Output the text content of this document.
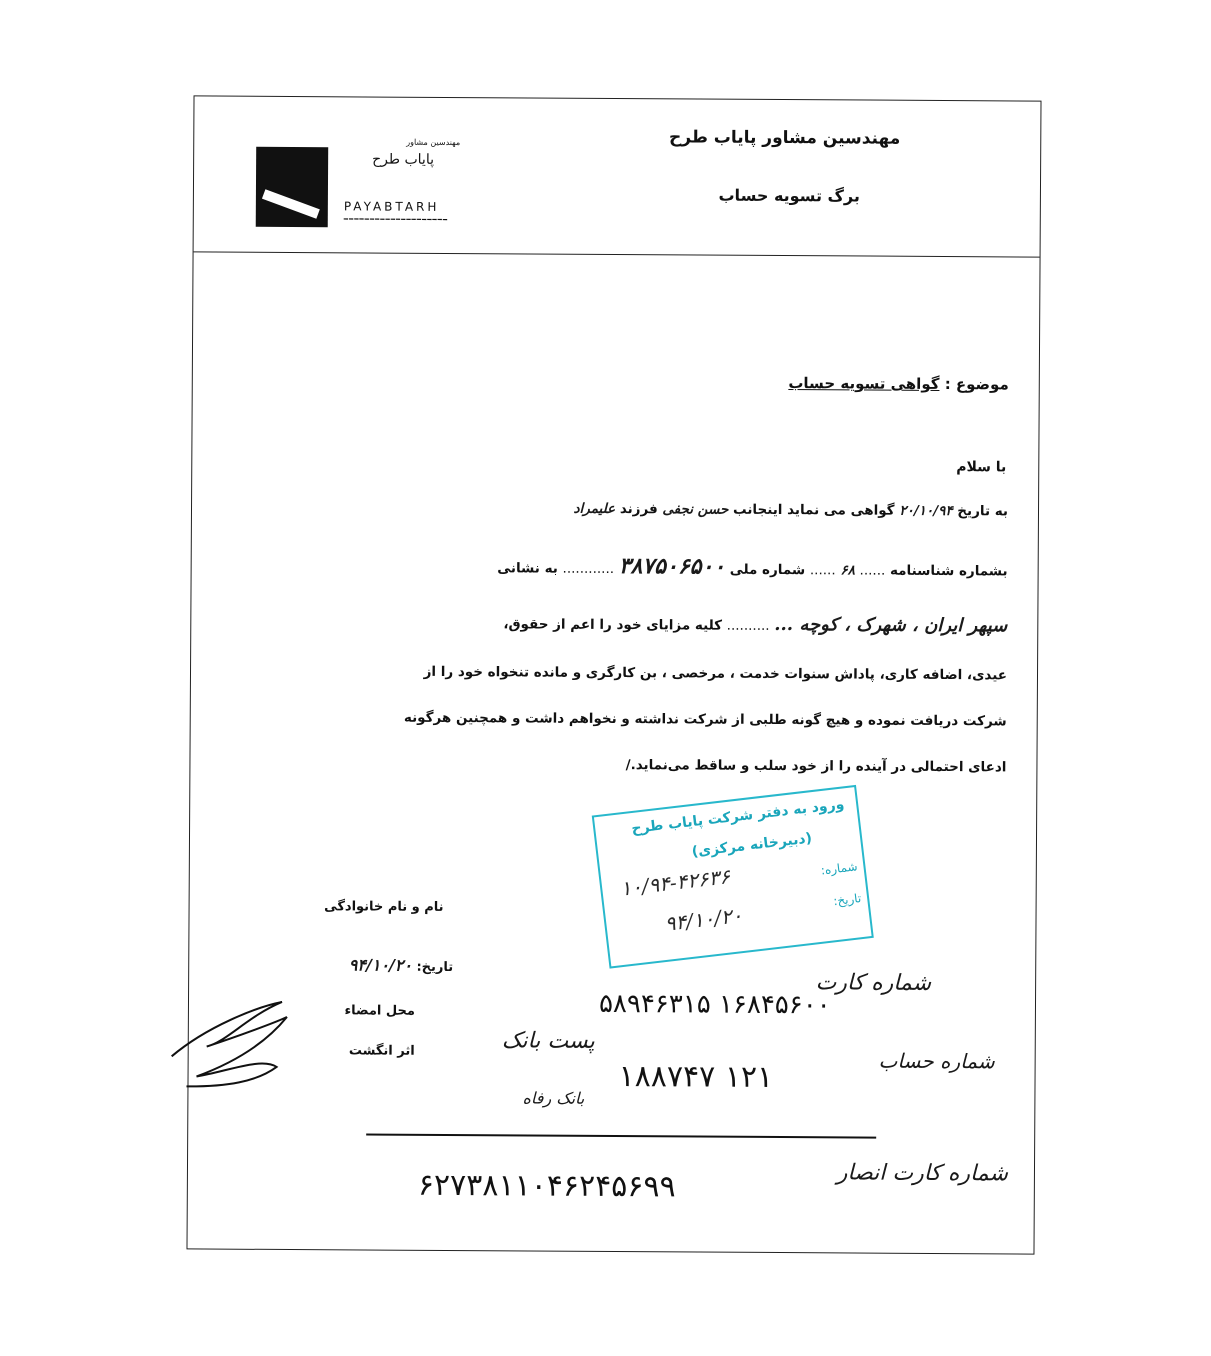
مهندسین مشاور پایاب طرح
برگ تسویه حساب
مهندسین مشاور
پایاب طرح
PAYABTARH
━━━━━━━━━━━━━━━━━━━━
موضوع : گواهی تسویه حساب
با سلام
به تاریخ ۲۰/۱۰/۹۴ گواهی می نماید اینجانب حسن نجفی فرزند علیمراد
بشماره شناسنامه ...... ۶۸ ...... شماره ملی ۳۸۷۵۰۶۵۰۰ ............ به نشانی
سپهر ایران ، شهرک ، کوچه ... .......... کلیه مزایای خود را اعم از حقوق،
عیدی، اضافه کاری، پاداش سنوات خدمت ، مرخصی ، بن کارگری و مانده تنخواه خود را از
شرکت دریافت نموده و هیچ گونه طلبی از شرکت نداشته و نخواهم داشت و همچنین هرگونه
ادعای احتمالی در آینده را از خود سلب و ساقط می‌نماید./
ورود به دفتر شرکت پایاب طرح
(دبیرخانه مرکزی)
شماره:
۱۰/۹۴-۴۲۶۳۶	تاریخ:
۹۴/۱۰/۲۰
نام و نام خانوادگی
تاریخ: ۹۴/۱۰/۲۰
محل امضاء
اثر انگشت
شماره کارت
۵۸۹۴۶۳۱۵ ۱۶۸۴۵۶۰۰
شماره حساب
۱۸۸۷۴۷ ۱۲۱
پست بانک
بانک رفاه
شماره کارت انصار
۶۲۷۳۸۱۱۰۴۶۲۴۵۶۹۹
